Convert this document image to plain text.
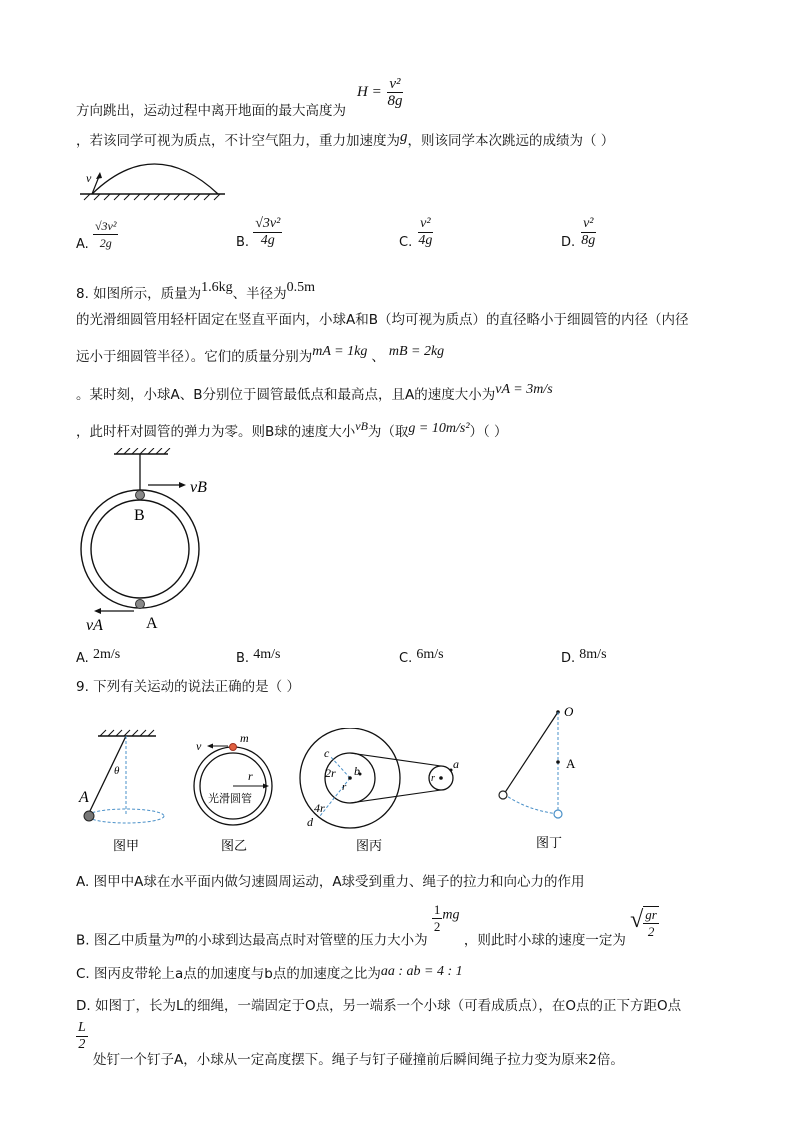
方向跳出，运动过程中离开地面的最大高度为
$H = \frac{\text{v²}}{8g}$
，若该同学可视为质点，不计空气阻力，重力加速度为g，则该同学本次跳远的成绩为（ ）
v
A. $\frac{\text{√3v²}}{2g}$	B. $\frac{\text{√3v²}}{4g}$	C. $\frac{\text{v²}}{4g}$	D. $\frac{\text{v²}}{8g}$
8. 如图所示，质量为1.6kg、半径为0.5m
的光滑细圆管用轻杆固定在竖直平面内，小球A和B（均可视为质点）的直径略小于细圆管的内径（内径
远小于细圆管半径）。它们的质量分别为mA = 1kg 、 mB = 2kg
。某时刻，小球A、B分别位于圆管最低点和最高点，且A的速度大小为vA = 3m/s
，此时杆对圆管的弹力为零。则B球的速度大小vB为（取g = 10m/s²）（ ）
vB
B
vA	A
A. 2m/s	B. 4m/s	C. 6m/s	D. 8m/s
9. 下列有关运动的说法正确的是（ ）
A
θ
图甲
v
m
r
光滑圆管
图乙
c
2r b
r
4r
d
a
r
图丙
O
A
图丁
A. 图甲中A球在水平面内做匀速圆周运动，A球受到重力、绳子的拉力和向心力的作用
B. 图乙中质量为m的小球到达最高点时对管壁的压力大小为
$\frac{1}{2}$ mg ，则此时小球的速度一定为 √ $\frac{gr}{2}$
C. 图丙皮带轮上a点的加速度与b点的加速度之比为aa : ab = 4 : 1
D. 如图丁，长为L的细绳，一端固定于O点，另一端系一个小球（可看成质点），在O点的正下方距O点
$\frac{L}{2}$
处钉一个钉子A，小球从一定高度摆下。绳子与钉子碰撞前后瞬间绳子拉力变为原来2倍。
